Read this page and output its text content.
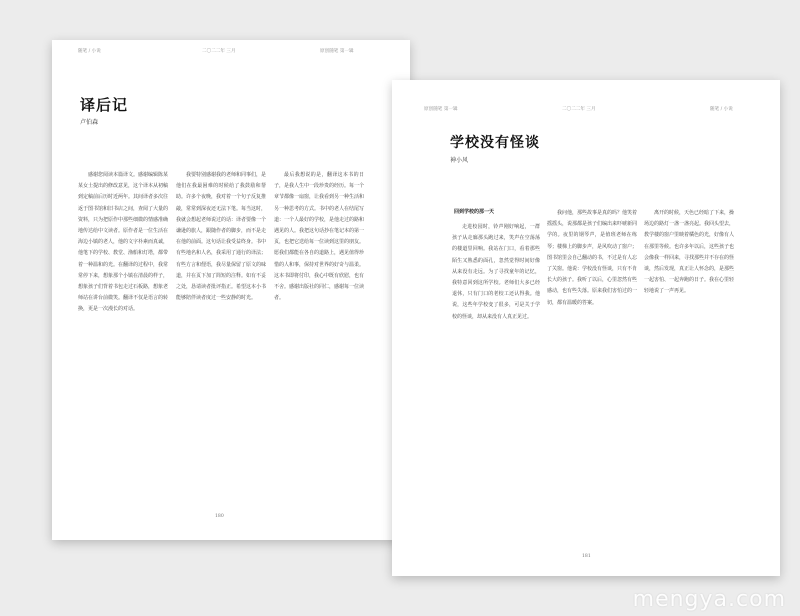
随笔 / 小说	二〇二二年 三月	原创随笔 第一辑
译后记
卢伯森
感谢您阅读本篇译文。感谢编辑陈某某女士提出的修改意见，这个译本从初稿到定稿前后历时近两年。其间译者多次往返于图书馆和旧书店之间，查阅了大量的资料，只为把原作中那些细微的情感准确地传达给中文读者。原作者是一位生活在海边小镇的老人，他的文字朴素而真诚，他笔下的学校、教堂、渔船和灯塔，都带着一种温和的光。在翻译的过程中，我常常停下来，想象那个小镇在清晨的样子，想象孩子们背着书包走过石板路，想象老师站在讲台前微笑。翻译不仅是语言的转换，更是一次漫长的对话。
我要特别感谢我的老师和同事们，是他们在我最困难的时候给了我鼓励和帮助。许多个夜晚，我对着一个句子反复推敲，常常到深夜还无法下笔。每当这时，我就会想起老师说过的话：译者要像一个谦逊的旅人，跟随作者的脚步，而不是走在他的前面。这句话让我受益终身。书中有些地名和人名，我采用了通行的译法；有些方言和俚语，我尽量保留了原文的味道，并在页下加了简短的注释。如有不妥之处，恳请读者批评指正。希望这本小书能够陪伴读者度过一些安静的时光。
最后我想说的是，翻译这本书的日子，是我人生中一段珍贵的经历。每一个章节都像一扇窗，让我看到另一种生活和另一种思考的方式。书中的老人在结尾写道：一个人最好的学校，是他走过的路和遇见的人。我把这句话抄在笔记本的第一页，也把它送给每一位读到这里的朋友。愿我们都能在各自的道路上，遇见值得珍惜的人和事，保持对世界的好奇与温柔。这本书即将付印，我心中既有欣慰，也有不舍。感谢出版社的同仁，感谢每一位读者。
180
原创随笔 第一辑	二〇二二年 三月	随笔 / 小说
学校没有怪谈
神小风
回到学校的那一天
走进校园时，铃声刚好响起，一群孩子从走廊那头跑过来，笑声在空荡荡的楼道里回响。我站在门口，看着那些陌生又熟悉的面孔，忽然觉得时间好像从来没有走远。为了寻找童年的记忆，我特意回到这所学校。老师们大多已经退休，只有门口的老校工还认得我。他说，这些年学校变了很多，可是关于学校的怪谈，却从来没有人真正见过。
我问他，那些故事是真的吗？他笑着摇摇头，说那都是孩子们编出来吓唬新同学的。夜里的钢琴声，是值班老师在练琴；楼梯上的脚步声，是风吹动了窗户；图书馆里会自己翻动的书，不过是有人忘了关窗。他说：学校没有怪谈，只有不肯长大的孩子。我听了以后，心里忽然有些感动，也有些失落。原来我们害怕过的一切，都有温暖的答案。
离开的时候，天色已经暗了下来，操场边的路灯一盏一盏亮起。我回头望去，教学楼的窗户里映着橘色的光，好像有人在那里等候。也许多年以后，这些孩子也会像我一样回来，寻找那些并不存在的怪谈，然后发现，真正让人怀念的，是那些一起害怕、一起奔跑的日子。我在心里轻轻地说了一声再见。
181
mengya.com
